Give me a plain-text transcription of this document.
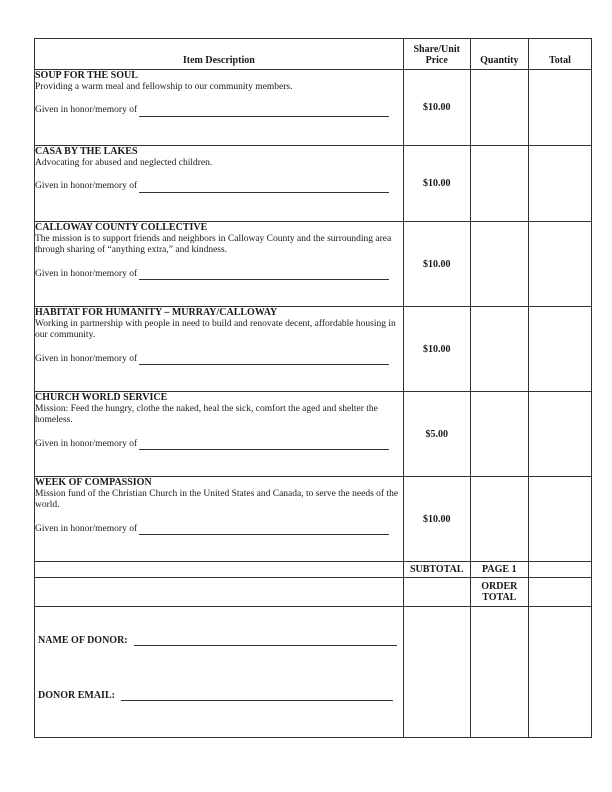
Item Description	Share/Unit Price	Quantity	Total

SOUP FOR THE SOUL
Providing a warm meal and fellowship to our community members.
Given in honor/memory of	$10.00		

CASA BY THE LAKES
Advocating for abused and neglected children.
Given in honor/memory of	$10.00		

CALLOWAY COUNTY COLLECTIVE
The mission is to support friends and neighbors in Calloway County and the surrounding area through sharing of “anything extra,” and kindness.
Given in honor/memory of	$10.00		

HABITAT FOR HUMANITY – MURRAY/CALLOWAY
Working in partnership with people in need to build and renovate decent, affordable housing in our community.
Given in honor/memory of	$10.00		

CHURCH WORLD SERVICE
Mission: Feed the hungry, clothe the naked, heal the sick, comfort the aged and shelter the homeless.
Given in honor/memory of	$5.00		

WEEK OF COMPASSION
Mission fund of the Christian Church in the United States and Canada, to serve the needs of the world.
Given in honor/memory of	$10.00		
	SUBTOTAL	PAGE 1	
		ORDER TOTAL	

NAME OF DONOR:
DONOR EMAIL:			
